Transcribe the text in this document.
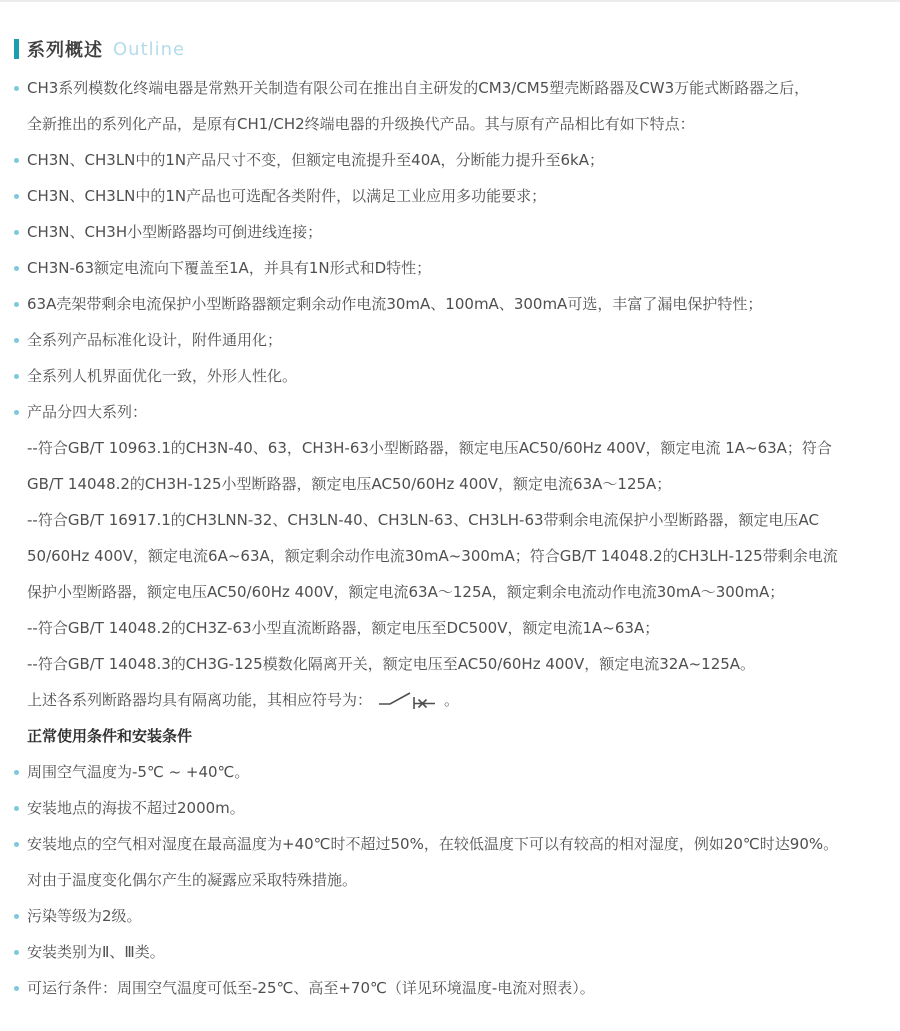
系列概述 Outline
CH3系列模数化终端电器是常熟开关制造有限公司在推出自主研发的CM3/CM5塑壳断路器及CW3万能式断路器之后，
全新推出的系列化产品，是原有CH1/CH2终端电器的升级换代产品。其与原有产品相比有如下特点：
CH3N、CH3LN中的1N产品尺寸不变，但额定电流提升至40A，分断能力提升至6kA；
CH3N、CH3LN中的1N产品也可选配各类附件，以满足工业应用多功能要求；
CH3N、CH3H小型断路器均可倒进线连接；
CH3N-63额定电流向下覆盖至1A，并具有1N形式和D特性；
63A壳架带剩余电流保护小型断路器额定剩余动作电流30mA、100mA、300mA可选，丰富了漏电保护特性；
全系列产品标准化设计，附件通用化；
全系列人机界面优化一致，外形人性化。
产品分四大系列：
--符合GB/T 10963.1的CH3N-40、63，CH3H-63小型断路器，额定电压AC50/60Hz 400V，额定电流 1A~63A；符合
GB/T 14048.2的CH3H-125小型断路器，额定电压AC50/60Hz 400V，额定电流63A～125A；
--符合GB/T 16917.1的CH3LNN-32、CH3LN-40、CH3LN-63、CH3LH-63带剩余电流保护小型断路器，额定电压AC
50/60Hz 400V，额定电流6A~63A，额定剩余动作电流30mA~300mA；符合GB/T 14048.2的CH3LH-125带剩余电流
保护小型断路器，额定电压AC50/60Hz 400V，额定电流63A～125A，额定剩余电流动作电流30mA～300mA；
--符合GB/T 14048.2的CH3Z-63小型直流断路器，额定电压至DC500V，额定电流1A~63A；
--符合GB/T 14048.3的CH3G-125模数化隔离开关，额定电压至AC50/60Hz 400V，额定电流32A~125A。
上述各系列断路器均具有隔离功能，其相应符号为：	。
正常使用条件和安装条件
周围空气温度为-5℃ ~ +40℃。
安装地点的海拔不超过2000m。
安装地点的空气相对湿度在最高温度为+40℃时不超过50%，在较低温度下可以有较高的相对湿度，例如20℃时达90%。
对由于温度变化偶尔产生的凝露应采取特殊措施。
污染等级为2级。
安装类别为Ⅱ、Ⅲ类。
可运行条件：周围空气温度可低至-25℃、高至+70℃（详见环境温度-电流对照表）。
